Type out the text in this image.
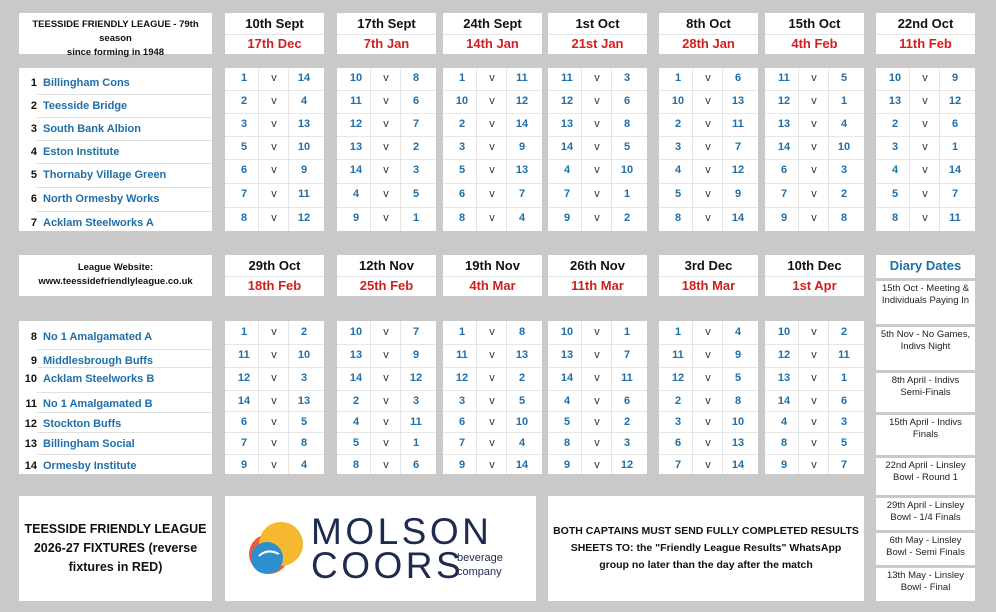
TEESSIDE FRIENDLY LEAGUE - 79th season
since forming in 1948
10th Sept
17th Dec
17th Sept
7th Jan
24th Sept
14th Jan
1st Oct
21st Jan
8th Oct
28th Jan
15th Oct
4th Feb
22nd Oct
11th Feb
1 Billingham Cons
2 Teesside Bridge
3 South Bank Albion
4 Eston Institute
5 Thornaby Village Green
6 North Ormesby Works
7 Acklam Steelworks A
1	v	14
2	v	4
3	v	13
5	v	10
6	v	9
7	v	11
8	v	12
10	v	8
11	v	6
12	v	7
13	v	2
14	v	3
4	v	5
9	v	1
1	v	11
10	v	12
2	v	14
3	v	9
5	v	13
6	v	7
8	v	4
11	v	3
12	v	6
13	v	8
14	v	5
4	v	10
7	v	1
9	v	2
1	v	6
10	v	13
2	v	11
3	v	7
4	v	12
5	v	9
8	v	14
11	v	5
12	v	1
13	v	4
14	v	10
6	v	3
7	v	2
9	v	8
10	v	9
13	v	12
2	v	6
3	v	1
4	v	14
5	v	7
8	v	11
League Website:
www.teessidefriendlyleague.co.uk
29th Oct
18th Feb
12th Nov
25th Feb
19th Nov
4th Mar
26th Nov
11th Mar
3rd Dec
18th Mar
10th Dec
1st Apr
8 No 1 Amalgamated A
9 Middlesbrough Buffs
10 Acklam Steelworks B
11 No 1 Amalgamated B
12 Stockton Buffs
13 Billingham Social
14 Ormesby Institute
1	v	2
11	v	10
12	v	3
14	v	13
6	v	5
7	v	8
9	v	4
10	v	7
13	v	9
14	v	12
2	v	3
4	v	11
5	v	1
8	v	6
1	v	8
11	v	13
12	v	2
3	v	5
6	v	10
7	v	4
9	v	14
10	v	1
13	v	7
14	v	11
4	v	6
5	v	2
8	v	3
9	v	12
1	v	4
11	v	9
12	v	5
2	v	8
3	v	10
6	v	13
7	v	14
10	v	2
12	v	11
13	v	1
14	v	6
4	v	3
8	v	5
9	v	7
Diary Dates
15th Oct - Meeting &
Individuals Paying In
5th Nov - No Games,
Indivs Night
8th April - Indivs
Semi-Finals
15th April - Indivs
Finals
22nd April - Linsley
Bowl - Round 1
29th April - Linsley
Bowl - 1/4 Finals
6th May - Linsley
Bowl - Semi Finals
13th May - Linsley
Bowl - Final
TEESSIDE FRIENDLY LEAGUE
2026-27 FIXTURES (reverse
fixtures in RED)
MOLSON
COORS
beverage
company
BOTH CAPTAINS MUST SEND FULLY COMPLETED RESULTS
SHEETS TO: the "Friendly League Results" WhatsApp
group no later than the day after the match
